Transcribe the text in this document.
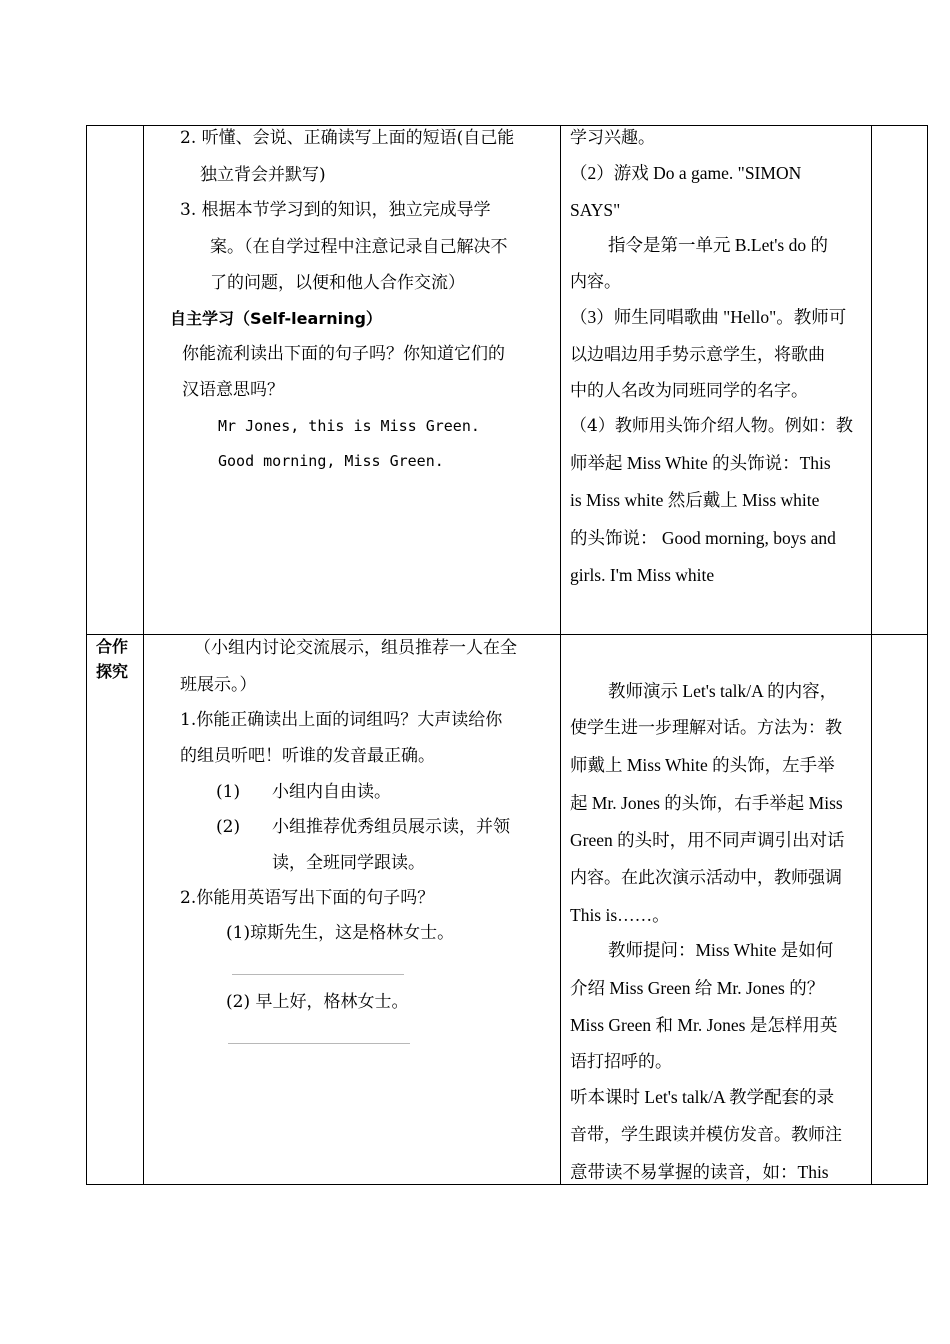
2. 听懂、会说、正确读写上面的短语(自己能
独立背会并默写)
3. 根据本节学习到的知识，独立完成导学
案。（在自学过程中注意记录自己解决不
了的问题，以便和他人合作交流）
自主学习（Self-learning）
你能流利读出下面的句子吗？你知道它们的
汉语意思吗？
Mr Jones, this is Miss Green.
Good morning, Miss Green.
学习兴趣。
（2）游戏 Do a game. "SIMON
SAYS"
指令是第一单元 B.Let's do 的
内容。
（3）师生同唱歌曲 "Hello"。教师可
以边唱边用手势示意学生，将歌曲
中的人名改为同班同学的名字。
（4）教师用头饰介绍人物。例如：教
师举起 Miss White 的头饰说：This
is Miss white 然后戴上 Miss white
的头饰说： Good morning, boys and
girls. I'm Miss white
合作
探究
（小组内讨论交流展示，组员推荐一人在全
班展示。）
1.你能正确读出上面的词组吗？大声读给你
的组员听吧！听谁的发音最正确。
(1) 小组内自由读。
(2) 小组推荐优秀组员展示读，并领
读，全班同学跟读。
2.你能用英语写出下面的句子吗？
(1)琼斯先生，这是格林女士。
(2) 早上好，格林女士。
教师演示 Let's talk/A 的内容，
使学生进一步理解对话。方法为：教
师戴上 Miss White 的头饰，左手举
起 Mr. Jones 的头饰，右手举起 Miss
Green 的头时，用不同声调引出对话
内容。在此次演示活动中，教师强调
This is……。
教师提问：Miss White 是如何
介绍 Miss Green 给 Mr. Jones 的？
Miss Green 和 Mr. Jones 是怎样用英
语打招呼的。
听本课时 Let's talk/A 教学配套的录
音带，学生跟读并模仿发音。教师注
意带读不易掌握的读音，如：This
